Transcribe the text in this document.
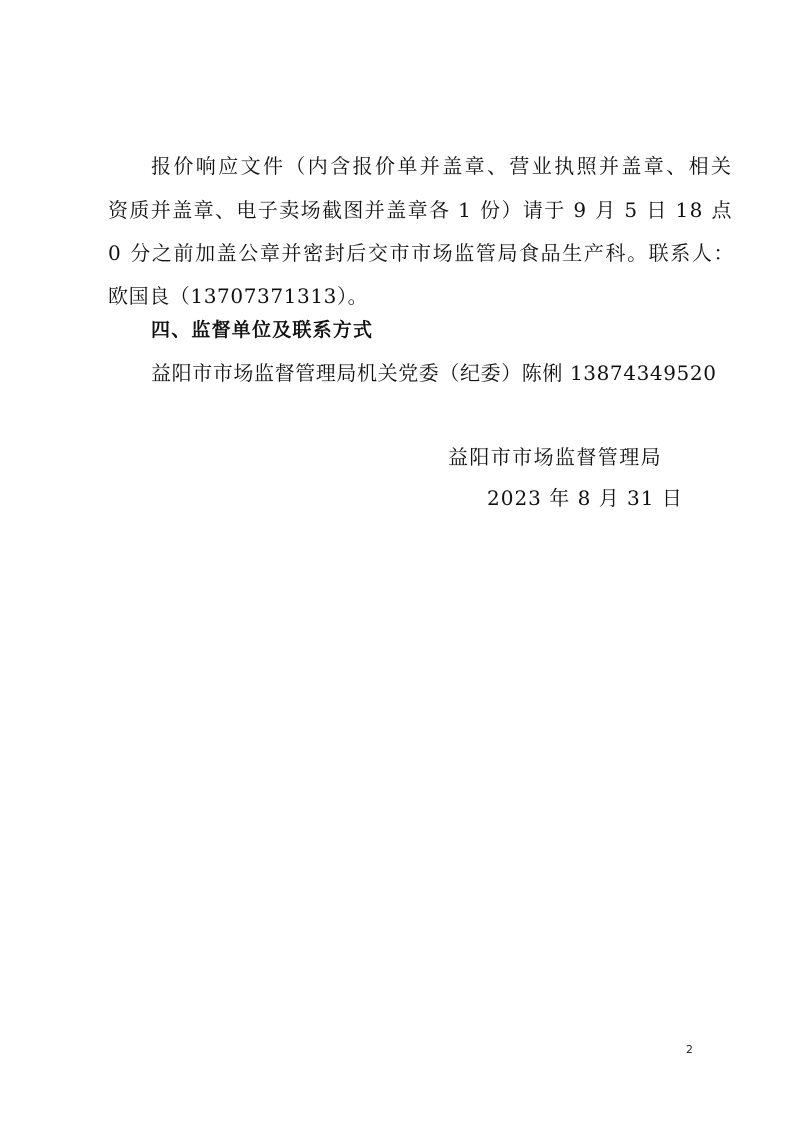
报价响应文件（内含报价单并盖章、营业执照并盖章、相关
资质并盖章、电子卖场截图并盖章各 1 份）请于 9 月 5 日 18 点
0 分之前加盖公章并密封后交市市场监管局食品生产科。联系人：
欧国良（13707371313）。
四、监督单位及联系方式
益阳市市场监督管理局机关党委（纪委）陈俐 13874349520
益阳市市场监督管理局
2023 年 8 月 31 日
2
